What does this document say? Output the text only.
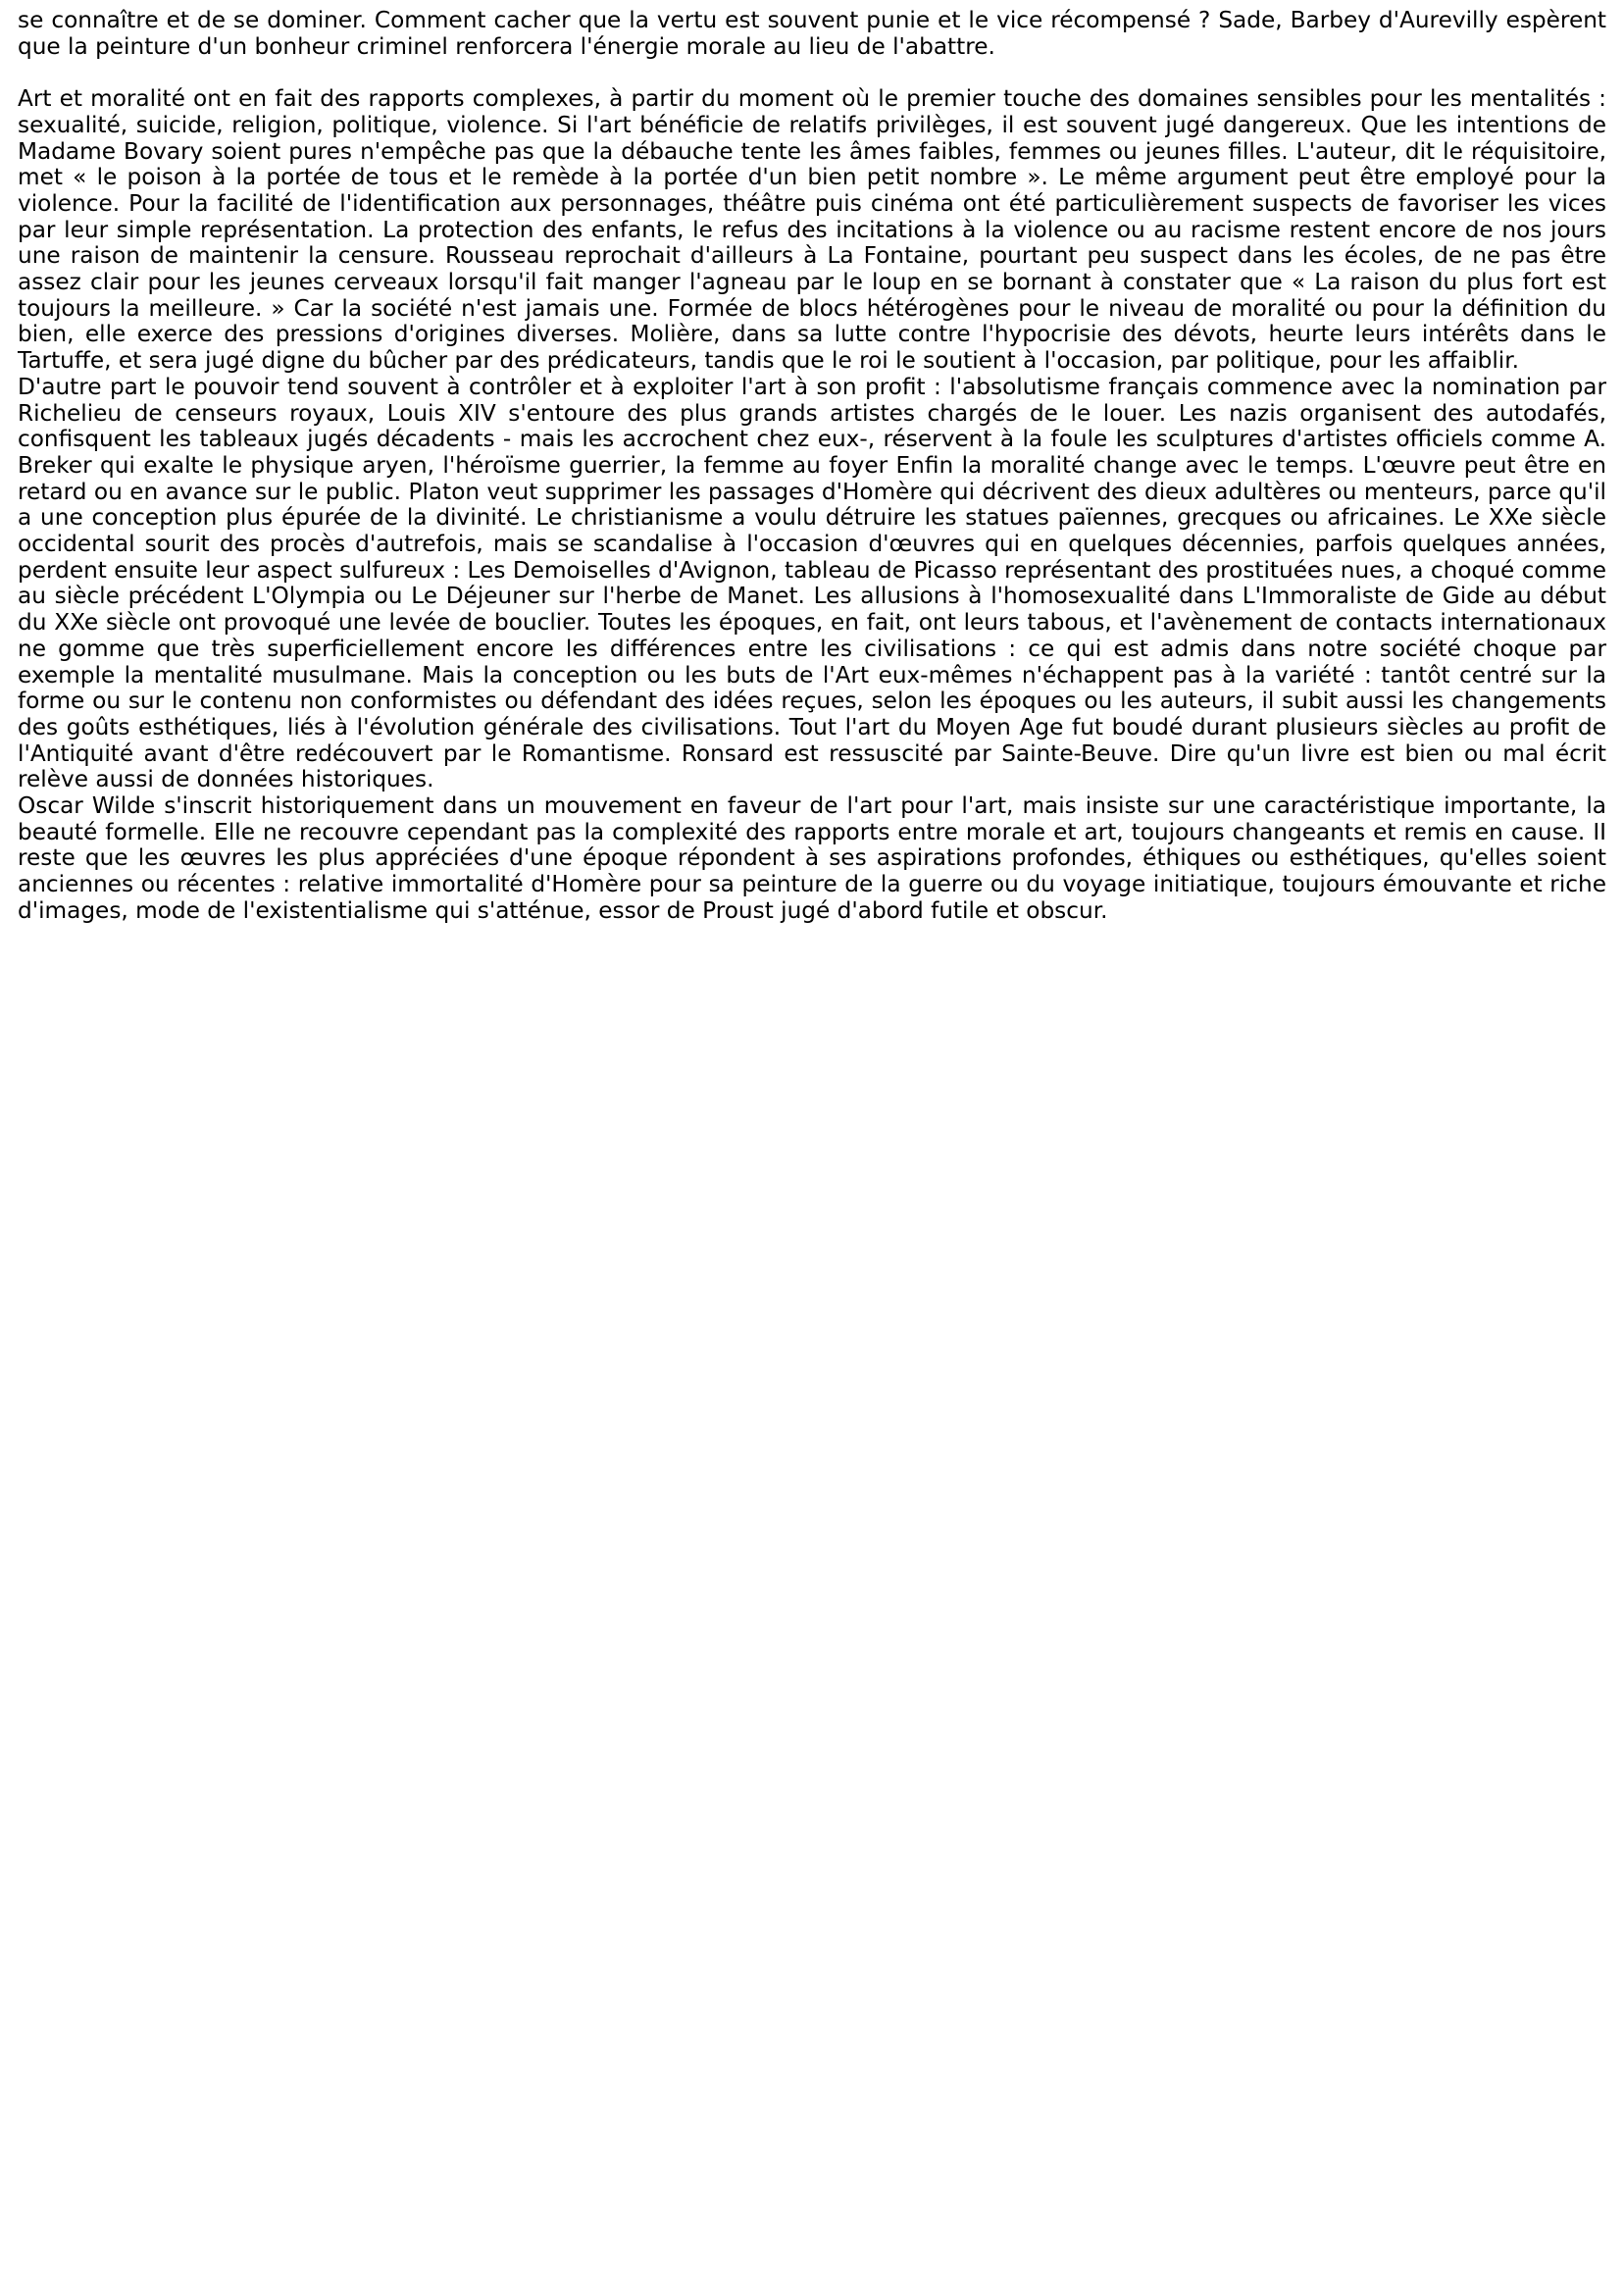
se connaître et de se dominer. Comment cacher que la vertu est souvent punie et le vice récompensé ? Sade, Barbey d'Aurevilly espèrent que la peinture d'un bonheur criminel renforcera l'énergie morale au lieu de l'abattre.

Art et moralité ont en fait des rapports complexes, à partir du moment où le premier touche des domaines sensibles pour les mentalités : sexualité, suicide, religion, politique, violence. Si l'art bénéficie de relatifs privilèges, il est souvent jugé dangereux. Que les intentions de Madame Bovary soient pures n'empêche pas que la débauche tente les âmes faibles, femmes ou jeunes filles. L'auteur, dit le réquisitoire, met « le poison à la portée de tous et le remède à la portée d'un bien petit nombre ». Le même argument peut être employé pour la violence. Pour la facilité de l'identification aux personnages, théâtre puis cinéma ont été particulièrement suspects de favoriser les vices par leur simple représentation. La protection des enfants, le refus des incitations à la violence ou au racisme restent encore de nos jours une raison de maintenir la censure. Rousseau reprochait d'ailleurs à La Fontaine, pourtant peu suspect dans les écoles, de ne pas être assez clair pour les jeunes cerveaux lorsqu'il fait manger l'agneau par le loup en se bornant à constater que « La raison du plus fort est toujours la meilleure. » Car la société n'est jamais une. Formée de blocs hétérogènes pour le niveau de moralité ou pour la définition du bien, elle exerce des pressions d'origines diverses. Molière, dans sa lutte contre l'hypocrisie des dévots, heurte leurs intérêts dans le Tartuffe, et sera jugé digne du bûcher par des prédicateurs, tandis que le roi le soutient à l'occasion, par politique, pour les affaiblir.

D'autre part le pouvoir tend souvent à contrôler et à exploiter l'art à son profit : l'absolutisme français commence avec la nomination par Richelieu de censeurs royaux, Louis XIV s'entoure des plus grands artistes chargés de le louer. Les nazis organisent des autodafés, confisquent les tableaux jugés décadents - mais les accrochent chez eux-, réservent à la foule les sculptures d'artistes officiels comme A. Breker qui exalte le physique aryen, l'héroïsme guerrier, la femme au foyer Enfin la moralité change avec le temps. L'œuvre peut être en retard ou en avance sur le public. Platon veut supprimer les passages d'Homère qui décrivent des dieux adultères ou menteurs, parce qu'il a une conception plus épurée de la divinité. Le christianisme a voulu détruire les statues païennes, grecques ou africaines. Le XXe siècle occidental sourit des procès d'autrefois, mais se scandalise à l'occasion d'œuvres qui en quelques décennies, parfois quelques années, perdent ensuite leur aspect sulfureux : Les Demoiselles d'Avignon, tableau de Picasso représentant des prostituées nues, a choqué comme au siècle précédent L'Olympia ou Le Déjeuner sur l'herbe de Manet. Les allusions à l'homosexualité dans L'Immoraliste de Gide au début du XXe siècle ont provoqué une levée de bouclier. Toutes les époques, en fait, ont leurs tabous, et l'avènement de contacts internationaux ne gomme que très superficiellement encore les différences entre les civilisations : ce qui est admis dans notre société choque par exemple la mentalité musulmane. Mais la conception ou les buts de l'Art eux-mêmes n'échappent pas à la variété : tantôt centré sur la forme ou sur le contenu non conformistes ou défendant des idées reçues, selon les époques ou les auteurs, il subit aussi les changements des goûts esthétiques, liés à l'évolution générale des civilisations. Tout l'art du Moyen Age fut boudé durant plusieurs siècles au profit de l'Antiquité avant d'être redécouvert par le Romantisme. Ronsard est ressuscité par Sainte-Beuve. Dire qu'un livre est bien ou mal écrit relève aussi de données historiques.

Oscar Wilde s'inscrit historiquement dans un mouvement en faveur de l'art pour l'art, mais insiste sur une caractéristique importante, la beauté formelle. Elle ne recouvre cependant pas la complexité des rapports entre morale et art, toujours changeants et remis en cause. II reste que les œuvres les plus appréciées d'une époque répondent à ses aspirations profondes, éthiques ou esthétiques, qu'elles soient anciennes ou récentes : relative immortalité d'Homère pour sa peinture de la guerre ou du voyage initiatique, toujours émouvante et riche d'images, mode de l'existentialisme qui s'atténue, essor de Proust jugé d'abord futile et obscur.
